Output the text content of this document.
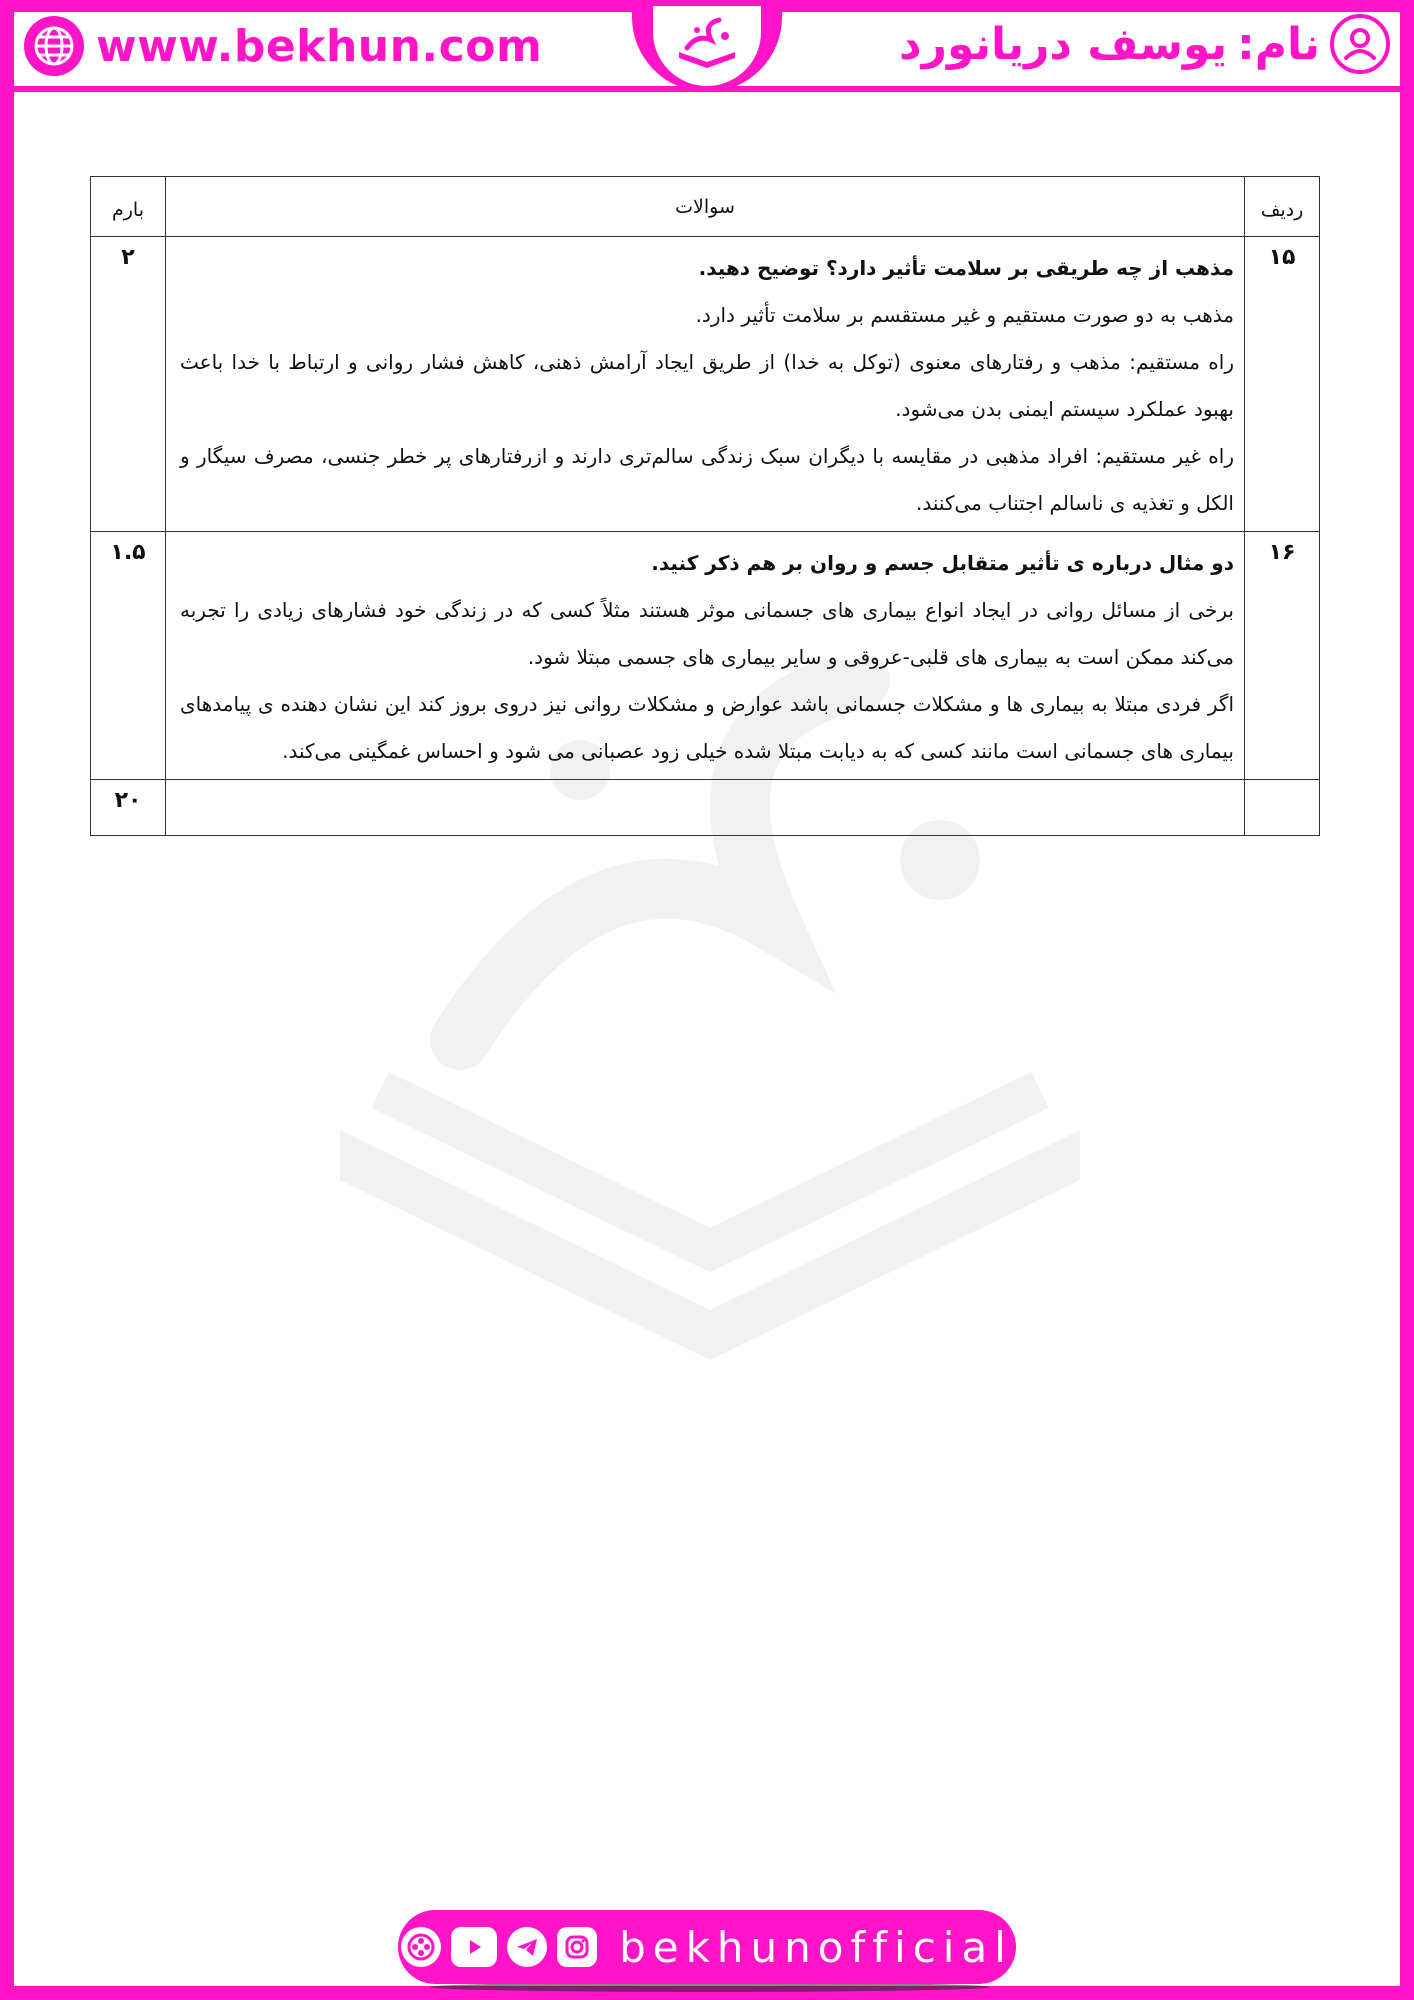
www.bekhun.com	نام:
یوسف دریانورد
ردیف	سوالات	بارم
۱۵	مذهب از چه طریقی بر سلامت تأثیر دارد؟ توضیح دهید.
مذهب به دو صورت مستقیم و غیر مستقسم بر سلامت تأثیر دارد.
راه مستقیم: مذهب و رفتارهای معنوی (توکل به خدا) از طریق ایجاد آرامش ذهنی، کاهش فشار روانی و ارتباط با خدا باعث بهبود عملکرد سیستم ایمنی بدن می‌شود.
راه غیر مستقیم: افراد مذهبی در مقایسه با دیگران سبک زندگی سالم‌تری دارند و ازرفتارهای پر خطر جنسی، مصرف سیگار و الکل و تغذیه ی ناسالم اجتناب می‌کنند.	۲
۱۶	دو مثال درباره ی تأثیر متقابل جسم و روان بر هم ذکر کنید.
برخی از مسائل روانی در ایجاد انواع بیماری های جسمانی موثر هستند مثلاً کسی که در زندگی خود فشارهای زیادی را تجربه می‌کند ممکن است به بیماری های قلبی-عروقی و سایر بیماری های جسمی مبتلا شود.
اگر فردی مبتلا به بیماری ها و مشکلات جسمانی باشد عوارض و مشکلات روانی نیز دروی بروز کند این نشان دهنده ی پیامدهای بیماری های جسمانی است مانند کسی که به دیابت مبتلا شده خیلی زود عصبانی می شود و احساس غمگینی می‌کند.	۱.۵
		۲۰
bekhunofficial
